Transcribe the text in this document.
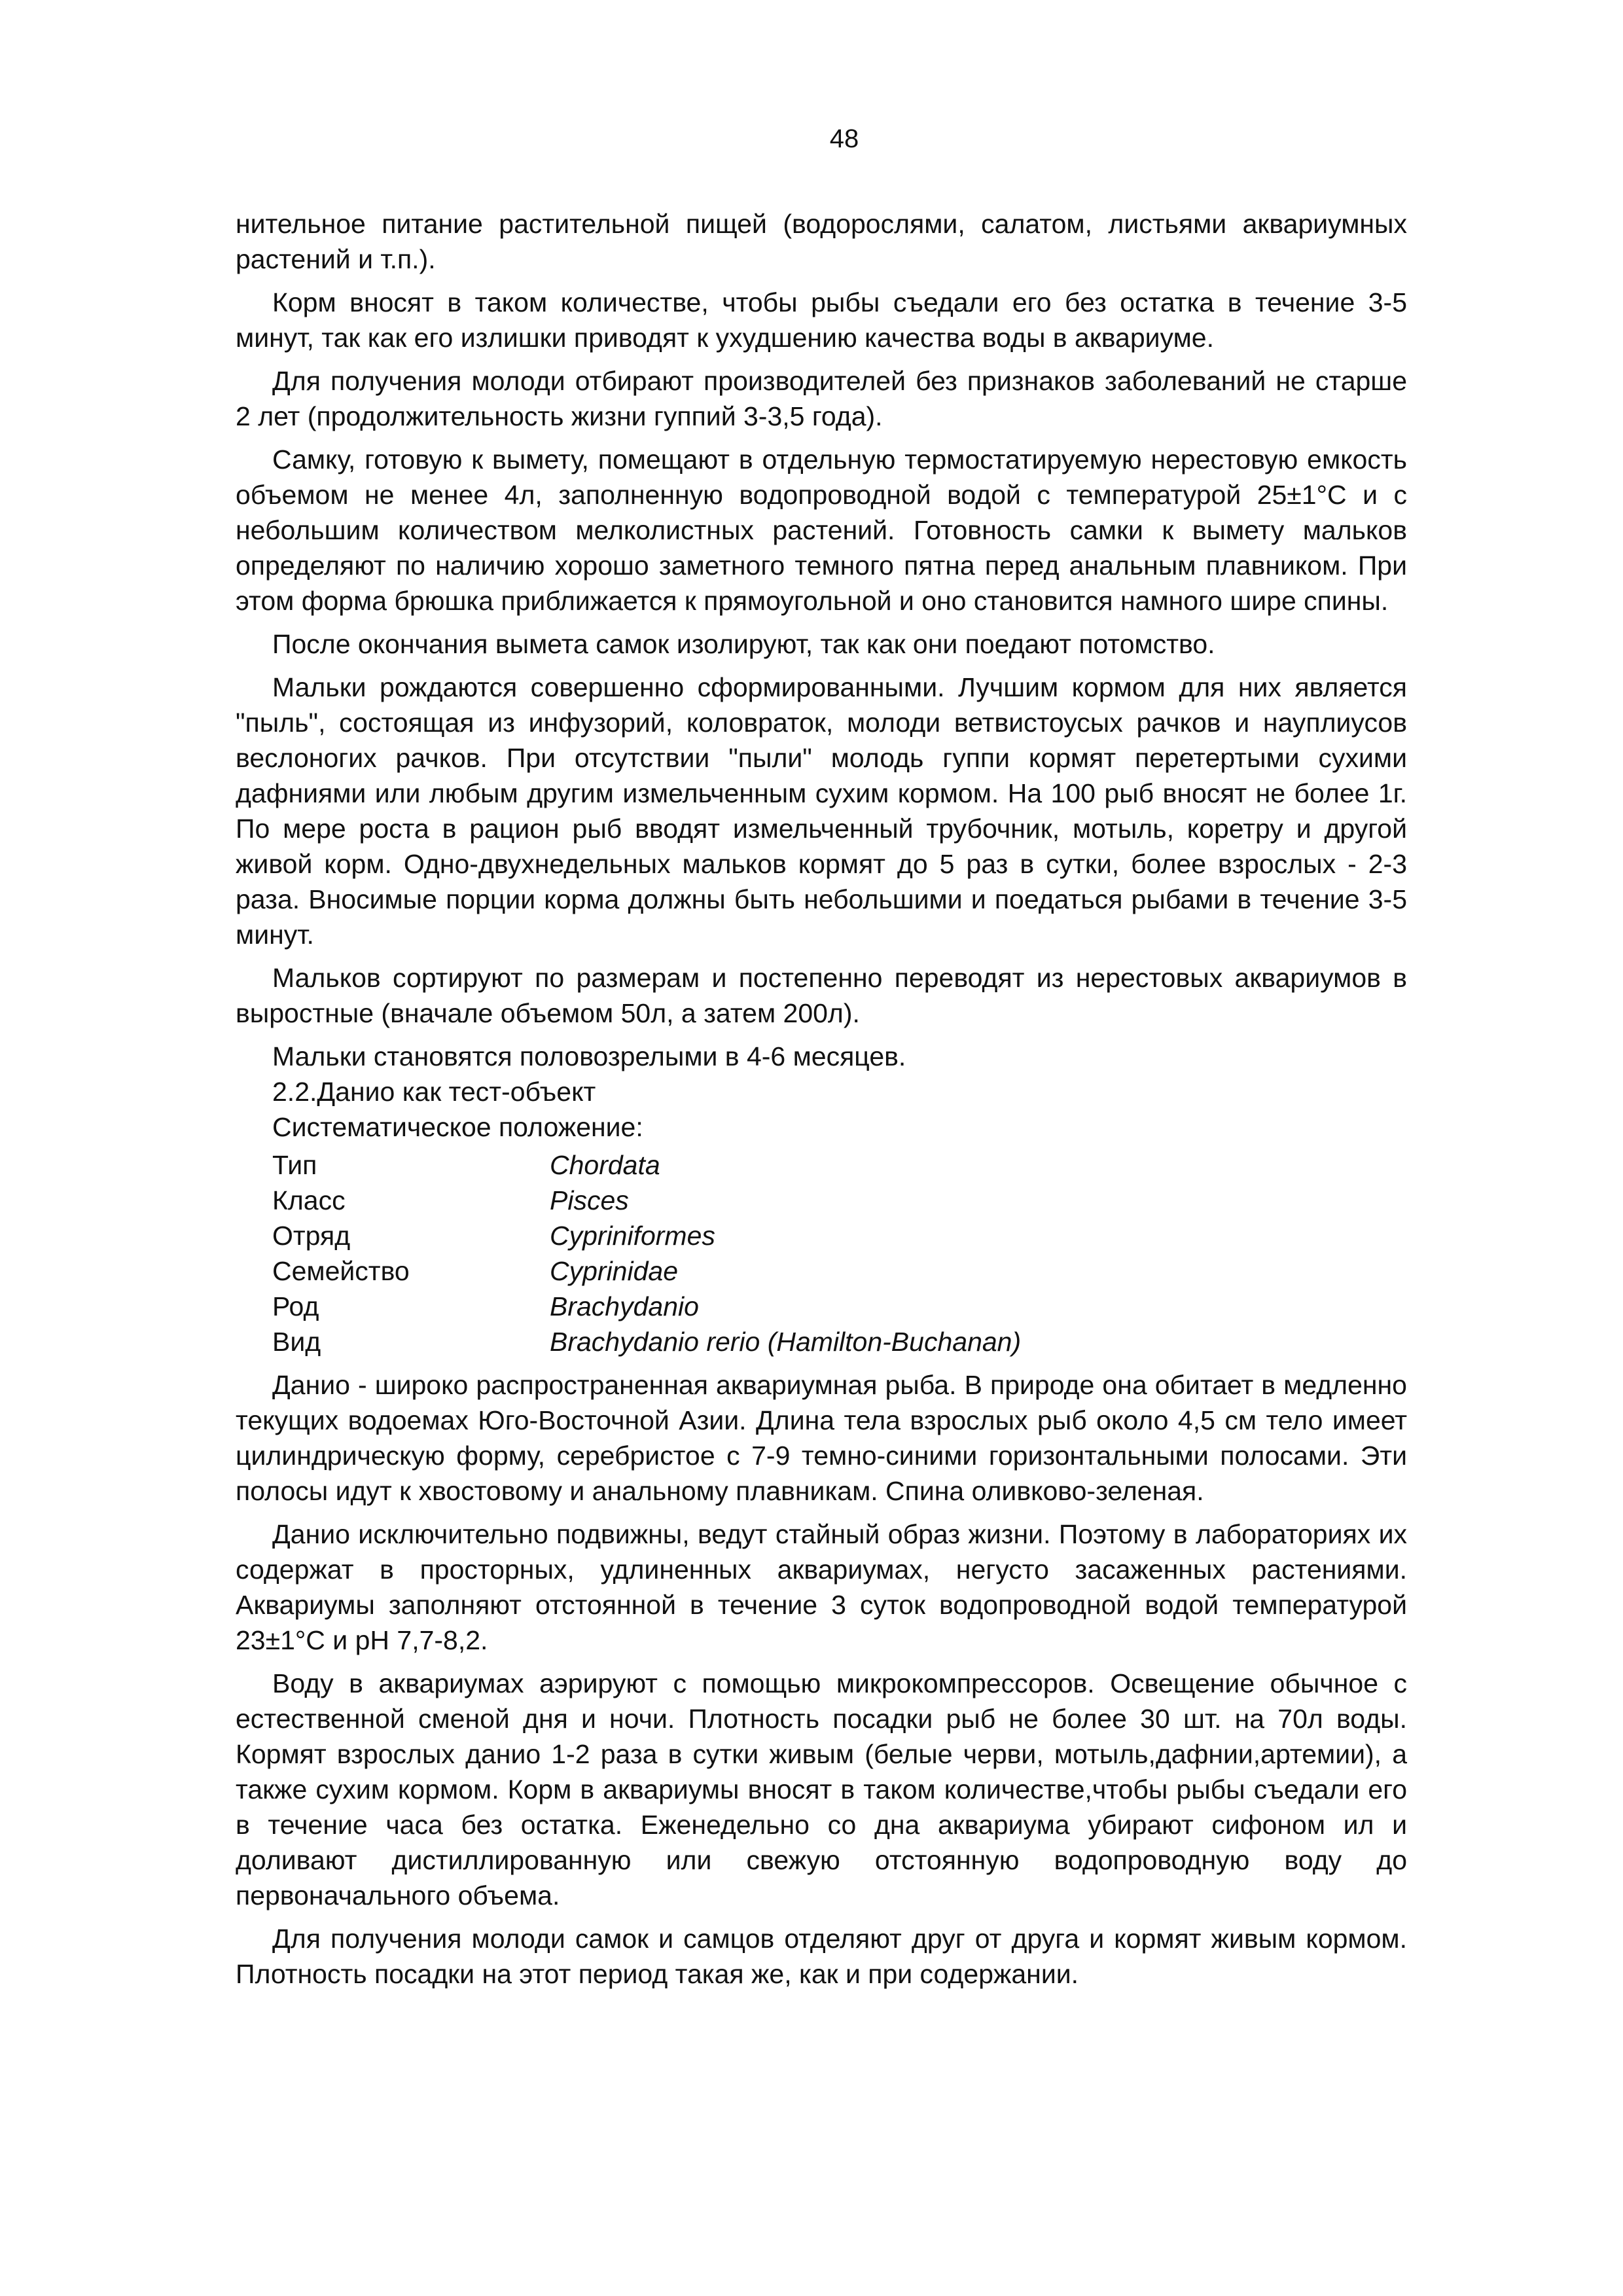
48

нительное питание растительной пищей (водорослями, салатом, листьями аквариумных растений и т.п.).

Корм вносят в таком количестве, чтобы рыбы съедали его без остатка в течение 3-5 минут, так как его излишки приводят к ухудшению качества воды в аквариуме.

Для получения молоди отбирают производителей без признаков заболеваний не старше 2 лет (продолжительность жизни гуппий 3-3,5 года).

Самку, готовую к вымету, помещают в отдельную термостатируемую нерестовую емкость объемом не менее 4л, заполненную водопроводной водой с температурой 25±1°С и с небольшим количеством мелколистных растений. Готовность самки к вымету мальков определяют по наличию хорошо заметного темного пятна перед анальным плавником. При этом форма брюшка приближается к прямоугольной и оно становится намного шире спины.

После окончания вымета самок изолируют, так как они поедают потомство.

Мальки рождаются совершенно сформированными. Лучшим кормом для них является "пыль", состоящая из инфузорий, коловраток, молоди ветвистоусых рачков и науплиусов веслоногих рачков. При отсутствии "пыли" молодь гуппи кормят перетертыми сухими дафниями или любым другим измельченным сухим кормом. На 100 рыб вносят не более 1г. По мере роста в рацион рыб вводят измельченный трубочник, мотыль, коретру и другой живой корм. Одно-двухнедельных мальков кормят до 5 раз в сутки, более взрослых - 2-3 раза. Вносимые порции корма должны быть небольшими и поедаться рыбами в течение 3-5 минут.

Мальков сортируют по размерам и постепенно переводят из нерестовых аквариумов в выростные (вначале объемом 50л, а затем 200л).

Мальки становятся половозрелыми в 4-6 месяцев.
2.2.Данио как тест-объект
Систематическое положение:
Тип	Chordata
Класс	Pisces
Отряд	Cypriniformes
Семейство	Cyprinidae
Род	Brachydanio
Вид	Brachydanio rerio (Hamilton-Buchanan)

Данио - широко распространенная аквариумная рыба. В природе она обитает в медленно текущих водоемах Юго-Восточной Азии. Длина тела взрослых рыб около 4,5 см тело имеет цилиндрическую форму, серебристое с 7-9 темно-синими горизонтальными полосами. Эти полосы идут к хвостовому и анальному плавникам. Спина оливково-зеленая.

Данио исключительно подвижны, ведут стайный образ жизни. Поэтому в лабораториях их содержат в просторных, удлиненных аквариумах, негусто засаженных растениями. Аквариумы заполняют отстоянной в течение 3 суток водопроводной водой температурой 23±1°С и рН 7,7-8,2.

Воду в аквариумах аэрируют с помощью микрокомпрессоров. Освещение обычное с естественной сменой дня и ночи. Плотность посадки рыб не более 30 шт. на 70л воды. Кормят взрослых данио 1-2 раза в сутки живым (белые черви, мотыль,дафнии,артемии), а также сухим кормом. Корм в аквариумы вносят в таком количестве,чтобы рыбы съедали его в течение часа без остатка. Еженедельно со дна аквариума убирают сифоном ил и доливают дистиллированную или свежую отстоянную водопроводную воду до первоначального объема.

Для получения молоди самок и самцов отделяют друг от друга и кормят живым кормом. Плотность посадки на этот период такая же, как и при содержании.
